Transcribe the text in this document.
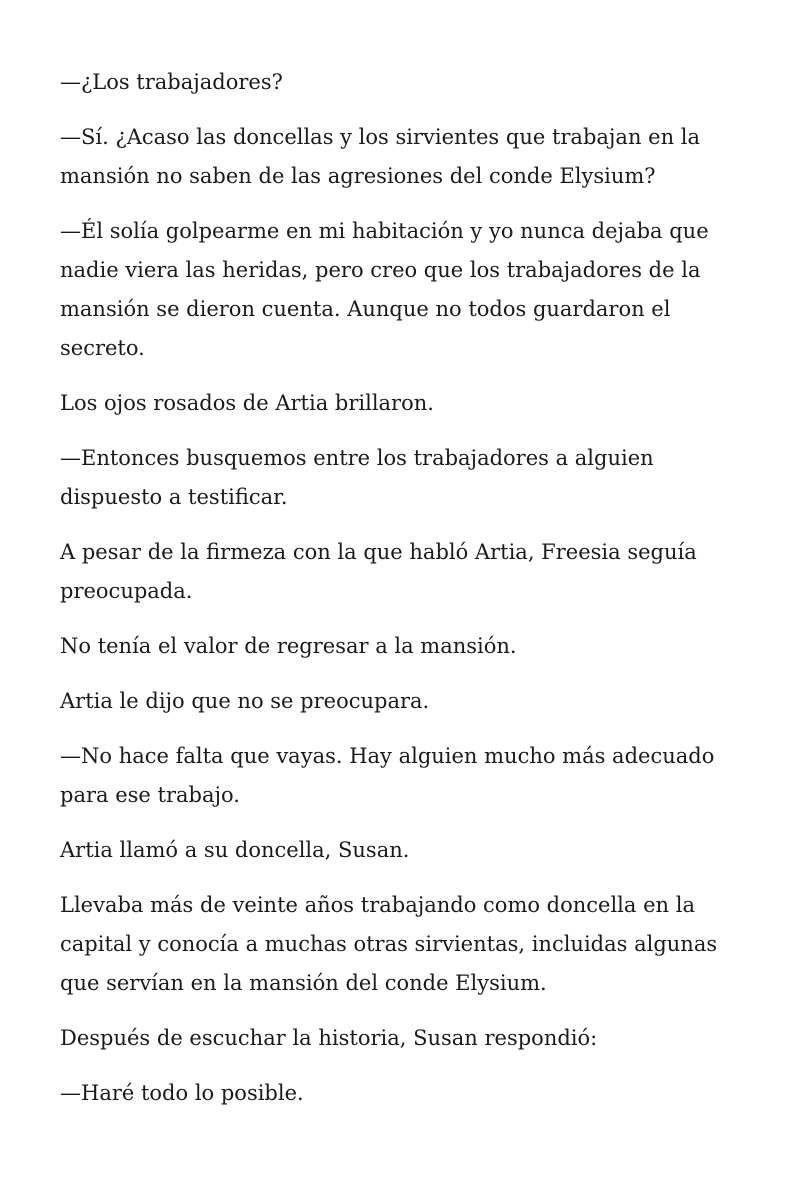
—¿Los trabajadores?

—Sí. ¿Acaso las doncellas y los sirvientes que trabajan en la mansión no saben de las agresiones del conde Elysium?

—Él solía golpearme en mi habitación y yo nunca dejaba que nadie viera las heridas, pero creo que los trabajadores de la mansión se dieron cuenta. Aunque no todos guardaron el secreto.

Los ojos rosados de Artia brillaron.

—Entonces busquemos entre los trabajadores a alguien dispuesto a testificar.

A pesar de la firmeza con la que habló Artia, Freesia seguía preocupada.

No tenía el valor de regresar a la mansión.

Artia le dijo que no se preocupara.

—No hace falta que vayas. Hay alguien mucho más adecuado para ese trabajo.

Artia llamó a su doncella, Susan.

Llevaba más de veinte años trabajando como doncella en la capital y conocía a muchas otras sirvientas, incluidas algunas que servían en la mansión del conde Elysium.

Después de escuchar la historia, Susan respondió:

—Haré todo lo posible.
